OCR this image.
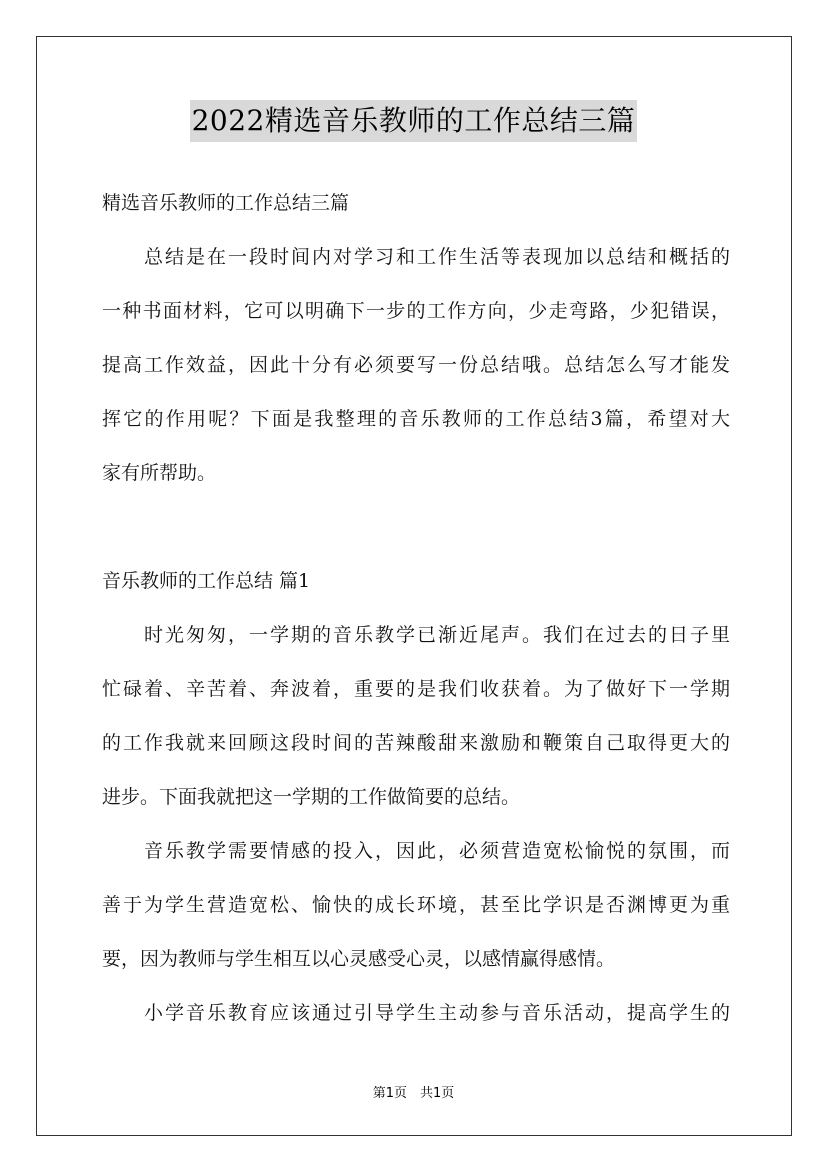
2022精选音乐教师的工作总结三篇
精选音乐教师的工作总结三篇
　　总结是在一段时间内对学习和工作生活等表现加以总结和概括的
一种书面材料，它可以明确下一步的工作方向，少走弯路，少犯错误，
提高工作效益，因此十分有必须要写一份总结哦。总结怎么写才能发
挥它的作用呢？下面是我整理的音乐教师的工作总结3篇，希望对大
家有所帮助。
音乐教师的工作总结 篇1
　　时光匆匆，一学期的音乐教学已渐近尾声。我们在过去的日子里
忙碌着、辛苦着、奔波着，重要的是我们收获着。为了做好下一学期
的工作我就来回顾这段时间的苦辣酸甜来激励和鞭策自己取得更大的
进步。下面我就把这一学期的工作做简要的总结。
　　音乐教学需要情感的投入，因此，必须营造宽松愉悦的氛围，而
善于为学生营造宽松、愉快的成长环境，甚至比学识是否渊博更为重
要，因为教师与学生相互以心灵感受心灵，以感情赢得感情。
　　小学音乐教育应该通过引导学生主动参与音乐活动，提高学生的
第1页　共1页
